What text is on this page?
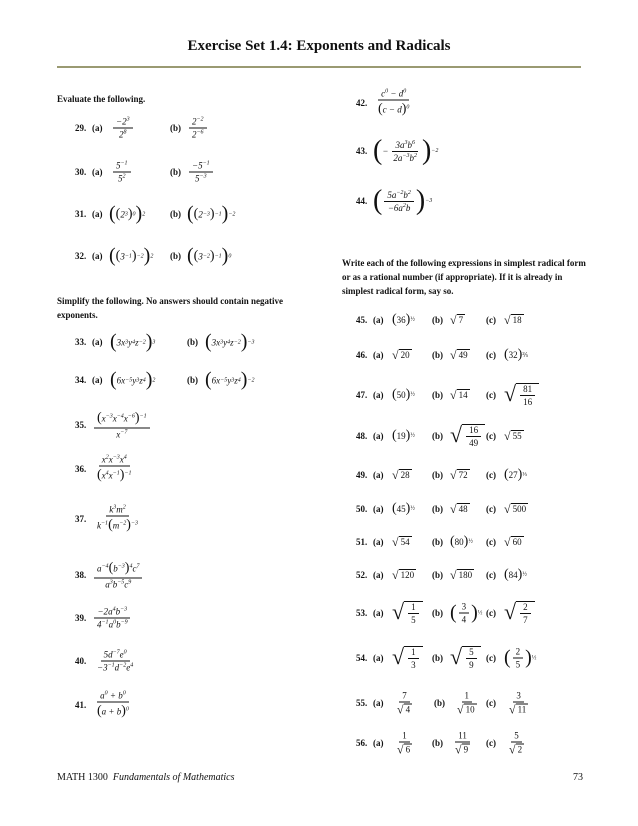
Exercise Set 1.4: Exponents and Radicals
Evaluate the following.
Simplify the following. No answers should contain negative exponents.
Write each of the following expressions in simplest radical form or as a rational number (if appropriate). If it is already in simplest radical form, say so.
29. $(a) \frac{-2^3}{2^8}$	$(b) \frac{2^{-2}}{2^{-6}}$
30. $(a) \frac{5^{-1}}{5^2}$	$(b) \frac{-5^{-1}}{5^{-3}}$
31. (a) ( ( 2 3 ) 0 ) 2	(b) ( ( 2 −3 ) −1 ) −2
32. (a) ( ( 3 −1 ) −2 ) 2 (b) ( ( 3 −2 ) −1 ) 0
33. (a) ( 3 x 3 y 4 z −2 ) 3	(b) ( 3 x 3 y 4 z −2 ) −3
34. (a) ( 6 x −5 y 3 z 4 ) 2	(b) ( 6 x −5 y 3 z 4 ) −2
35. $\frac{(x^{-3}x^{-4}x^{-6})^{-1}}{x^{-7}}$
36. $\frac{x^2x^{-3}x^4}{(x^4x^{-1})^{-1}}$
37. $\frac{k^3m^2}{k^{-1}(m^{-2})^{-3}}$
38. $\frac{a^{-4}(b^{-3})^4c^7}{a^3b^{-5}c^9}$
39. $\frac{-2a^4b^{-3}}{4^{-1}a^0b^{-9}}$
40. $\frac{5d^{-7}e^0}{-3^{-1}d^{-2}e^4}$
41. $\frac{a^0 + b^0}{(a + b)^0}$
42. $\frac{c^0 - d^0}{(c - d)^0}$
43. ( − $\frac{3a^3b^6}{2a^{-3}b^2}$ ) −2
44. ( $\frac{5a^{-2}b^2}{-6a^2b}$ ) −3
45. (a) ( 36 ) ½ (b) √ 7	(c) √ 18
46. (a) √ 20 (b) √ 49 (c) ( 32 ) ⅖
47. (a) ( 50 ) ½ (b) √ 14 (c) √ $\frac{81}{16}$
48. (a) ( 19 ) ½ (b) √ $\frac{16}{49} (c)$ √ 55
49. (a) √ 28 (b) √ 72 (c) ( 27 ) ⅓
50. (a) ( 45 ) ½ (b) √ 48 (c) √ 500
51. (a) √ 54 (b) ( 80 ) ½ (c) √ 60
52. (a) √ 120 (b) √ 180 (c) ( 84 ) ½
53. (a) √ $\frac{1}{5} (b)$ ( $\frac{3}{4}$ ) ½ (c) √ $\frac{2}{7}$
54. (a) √ $\frac{1}{3} (b)$ √ $\frac{5}{9} (c)$ ( $\frac{2}{5}$ ) ½
55. $(a) \frac{7}{√ 4} (b) \frac{1}{√ 10} (c) \frac{3}{√ 11}$
56. $(a) \frac{1}{√ 6} (b) \frac{11}{√ 9} (c) \frac{5}{√ 2}$
MATH 1300 Fundamentals of Mathematics	73
